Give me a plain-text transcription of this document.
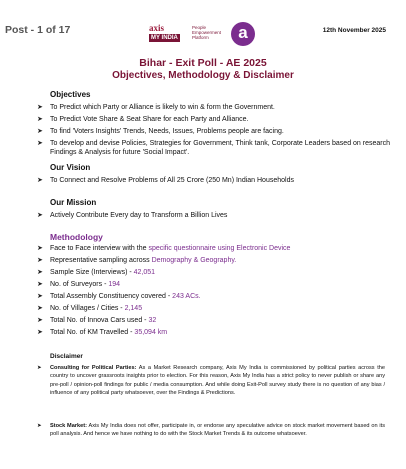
Post - 1 of 17	axis
MY INDIA
People Empowerment Platform	a	12th November 2025
Bihar - Exit Poll - AE 2025
Objectives, Methodology & Disclaimer
Objectives
➤ To Predict which Party or Alliance is likely to win & form the Government.
➤ To Predict Vote Share & Seat Share for each Party and Alliance.
➤ To find 'Voters Insights' Trends, Needs, Issues, Problems people are facing.
➤ To develop and devise Policies, Strategies for Government, Think tank, Corporate Leaders based on research Findings & Analysis for future 'Social Impact'.
Our Vision
➤ To Connect and Resolve Problems of All 25 Crore (250 Mn) Indian Households
Our Mission
➤ Actively Contribute Every day to Transform a Billion Lives
Methodology
➤ Face to Face interview with the specific questionnaire using Electronic Device
➤ Representative sampling across Demography & Geography.
➤ Sample Size (Interviews) - 42,051
➤ No. of Surveyors - 194
➤ Total Assembly Constituency covered - 243 ACs.
➤ No. of Villages / Cities - 2,145
➤ Total No. of Innova Cars used - 32
➤ Total No. of KM Travelled - 35,094 km
Disclaimer
➤ Consulting for Political Parties: As a Market Research company, Axis My India is commissioned by political parties across the country to uncover grassroots insights prior to election. For this reason, Axis My India has a strict policy to never publish or share any pre-poll / opinion-poll findings for public / media consumption. And while doing Exit-Poll survey study there is no question of any bias / influence of any political party whatsoever, over the Findings & Predictions.
➤ Stock Market: Axis My India does not offer, participate in, or endorse any speculative advice on stock market movement based on its poll analysis. And hence we have nothing to do with the Stock Market Trends & its outcome whatsoever.
